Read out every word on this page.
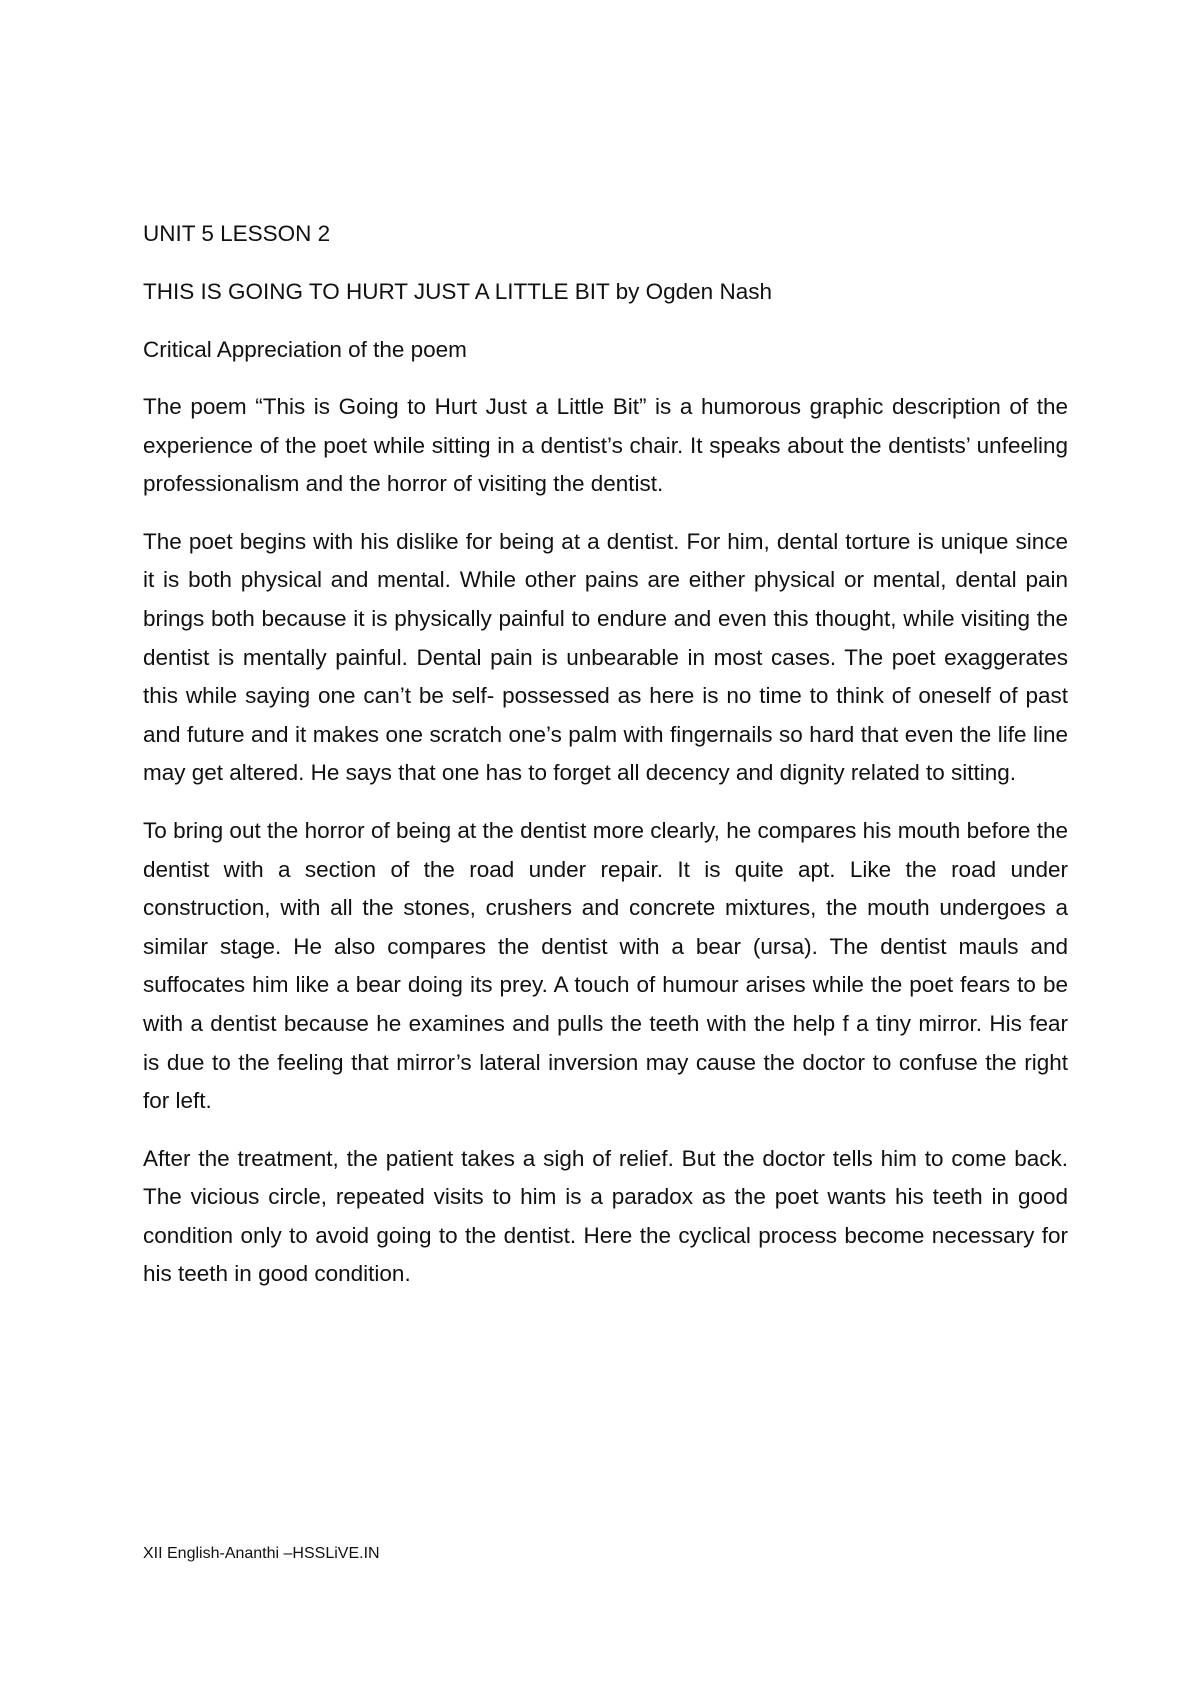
UNIT 5 LESSON 2
THIS IS GOING TO HURT JUST A LITTLE BIT by Ogden Nash
Critical Appreciation of the poem

The poem “This is Going to Hurt Just a Little Bit” is a humorous graphic description of the experience of the poet while sitting in a dentist’s chair. It speaks about the dentists’ unfeeling professionalism and the horror of visiting the dentist.

The poet begins with his dislike for being at a dentist. For him, dental torture is unique since it is both physical and mental. While other pains are either physical or mental, dental pain brings both because it is physically painful to endure and even this thought, while visiting the dentist is mentally painful. Dental pain is unbearable in most cases. The poet exaggerates this while saying one can’t be self- possessed as here is no time to think of oneself of past and future and it makes one scratch one’s palm with fingernails so hard that even the life line may get altered. He says that one has to forget all decency and dignity related to sitting.

To bring out the horror of being at the dentist more clearly, he compares his mouth before the dentist with a section of the road under repair. It is quite apt. Like the road under construction, with all the stones, crushers and concrete mixtures, the mouth undergoes a similar stage. He also compares the dentist with a bear (ursa). The dentist mauls and suffocates him like a bear doing its prey. A touch of humour arises while the poet fears to be with a dentist because he examines and pulls the teeth with the help f a tiny mirror. His fear is due to the feeling that mirror’s lateral inversion may cause the doctor to confuse the right for left.

After the treatment, the patient takes a sigh of relief. But the doctor tells him to come back. The vicious circle, repeated visits to him is a paradox as the poet wants his teeth in good condition only to avoid going to the dentist. Here the cyclical process become necessary for his teeth in good condition.

XII English-Ananthi –HSSLiVE.IN
